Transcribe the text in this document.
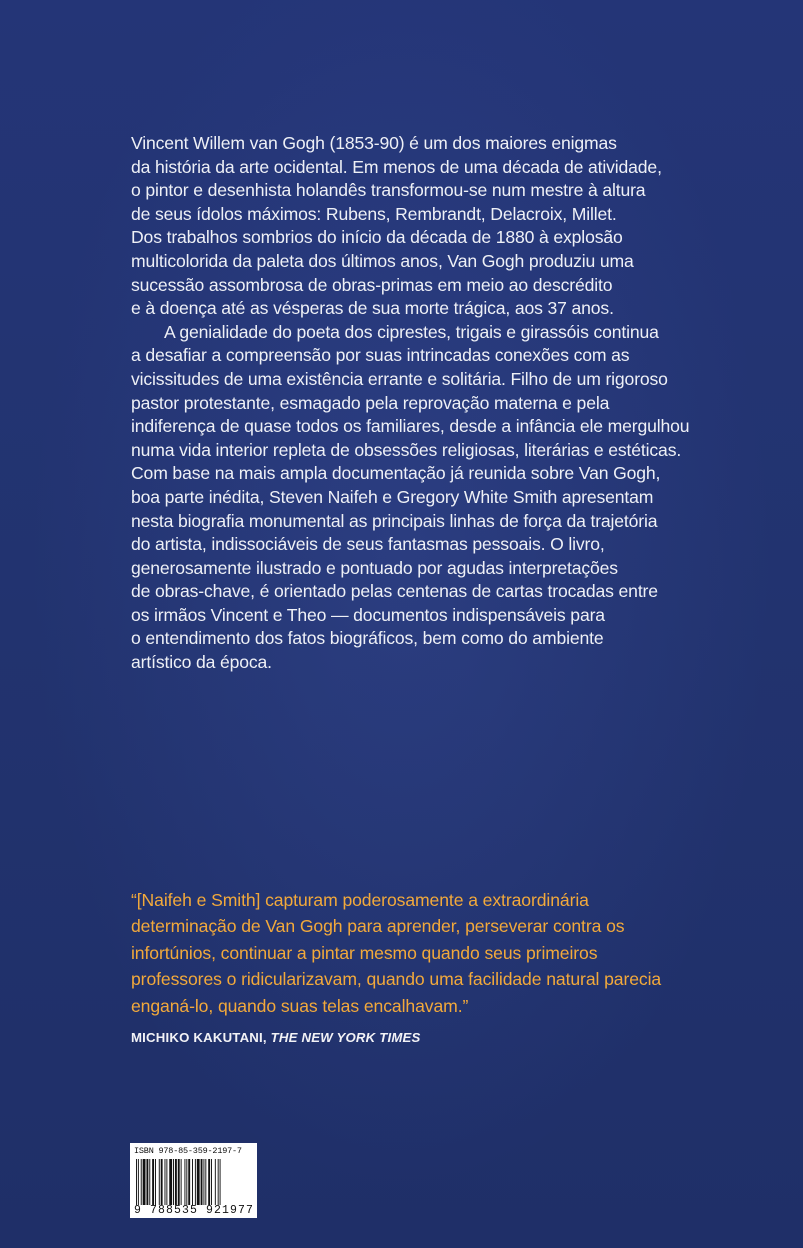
Vincent Willem van Gogh (1853-90) é um dos maiores enigmas

da história da arte ocidental. Em menos de uma década de atividade,

o pintor e desenhista holandês transformou-se num mestre à altura

de seus ídolos máximos: Rubens, Rembrandt, Delacroix, Millet.

Dos trabalhos sombrios do início da década de 1880 à explosão

multicolorida da paleta dos últimos anos, Van Gogh produziu uma

sucessão assombrosa de obras-primas em meio ao descrédito

e à doença até as vésperas de sua morte trágica, aos 37 anos.

A genialidade do poeta dos ciprestes, trigais e girassóis continua

a desafiar a compreensão por suas intrincadas conexões com as

vicissitudes de uma existência errante e solitária. Filho de um rigoroso

pastor protestante, esmagado pela reprovação materna e pela

indiferença de quase todos os familiares, desde a infância ele mergulhou

numa vida interior repleta de obsessões religiosas, literárias e estéticas.

Com base na mais ampla documentação já reunida sobre Van Gogh,

boa parte inédita, Steven Naifeh e Gregory White Smith apresentam

nesta biografia monumental as principais linhas de força da trajetória

do artista, indissociáveis de seus fantasmas pessoais. O livro,

generosamente ilustrado e pontuado por agudas interpretações

de obras-chave, é orientado pelas centenas de cartas trocadas entre

os irmãos Vincent e Theo — documentos indispensáveis para

o entendimento dos fatos biográficos, bem como do ambiente

artístico da época.

“[Naifeh e Smith] capturam poderosamente a extraordinária

determinação de Van Gogh para aprender, perseverar contra os

infortúnios, continuar a pintar mesmo quando seus primeiros

professores o ridicularizavam, quando uma facilidade natural parecia

enganá-lo, quando suas telas encalhavam.”

MICHIKO KAKUTANI, THE NEW YORK TIMES
ISBN 978-85-359-2197-7
9 788535 921977
